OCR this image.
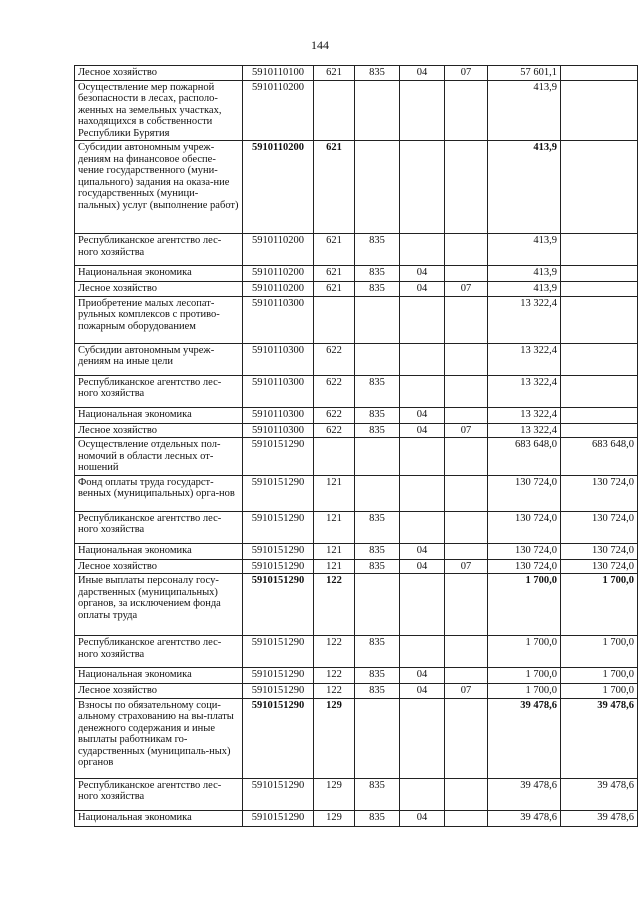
144
Лесное хозяйство	5910110100	621	835	04	07	57 601,1	
Осуществление мер пожарной безопасности в лесах, располо-женных на земельных участках, находящихся в собственности Республики Бурятия	5910110200					413,9	
Субсидии автономным учреж-дениям на финансовое обеспе-чение государственного (муни-ципального) задания на оказа-ние государственных (муници-пальных) услуг (выполнение работ)	5910110200	621				413,9	
Республиканское агентство лес-ного хозяйства	5910110200	621	835			413,9	
Национальная экономика	5910110200	621	835	04		413,9	
Лесное хозяйство	5910110200	621	835	04	07	413,9	
Приобретение малых лесопат-рульных комплексов с противо-пожарным оборудованием	5910110300					13 322,4	
Субсидии автономным учреж-дениям на иные цели	5910110300	622				13 322,4	
Республиканское агентство лес-ного хозяйства	5910110300	622	835			13 322,4	
Национальная экономика	5910110300	622	835	04		13 322,4	
Лесное хозяйство	5910110300	622	835	04	07	13 322,4	
Осуществление отдельных пол-номочий в области лесных от-ношений	5910151290					683 648,0	683 648,0
Фонд оплаты труда государст-венных (муниципальных) орга-нов	5910151290	121				130 724,0	130 724,0
Республиканское агентство лес-ного хозяйства	5910151290	121	835			130 724,0	130 724,0
Национальная экономика	5910151290	121	835	04		130 724,0	130 724,0
Лесное хозяйство	5910151290	121	835	04	07	130 724,0	130 724,0
Иные выплаты персоналу госу-дарственных (муниципальных) органов, за исключением фонда оплаты труда	5910151290	122				1 700,0	1 700,0
Республиканское агентство лес-ного хозяйства	5910151290	122	835			1 700,0	1 700,0
Национальная экономика	5910151290	122	835	04		1 700,0	1 700,0
Лесное хозяйство	5910151290	122	835	04	07	1 700,0	1 700,0
Взносы по обязательному соци-альному страхованию на вы-платы денежного содержания и иные выплаты работникам го-сударственных (муниципаль-ных) органов	5910151290	129				39 478,6	39 478,6
Республиканское агентство лес-ного хозяйства	5910151290	129	835			39 478,6	39 478,6
Национальная экономика	5910151290	129	835	04		39 478,6	39 478,6
